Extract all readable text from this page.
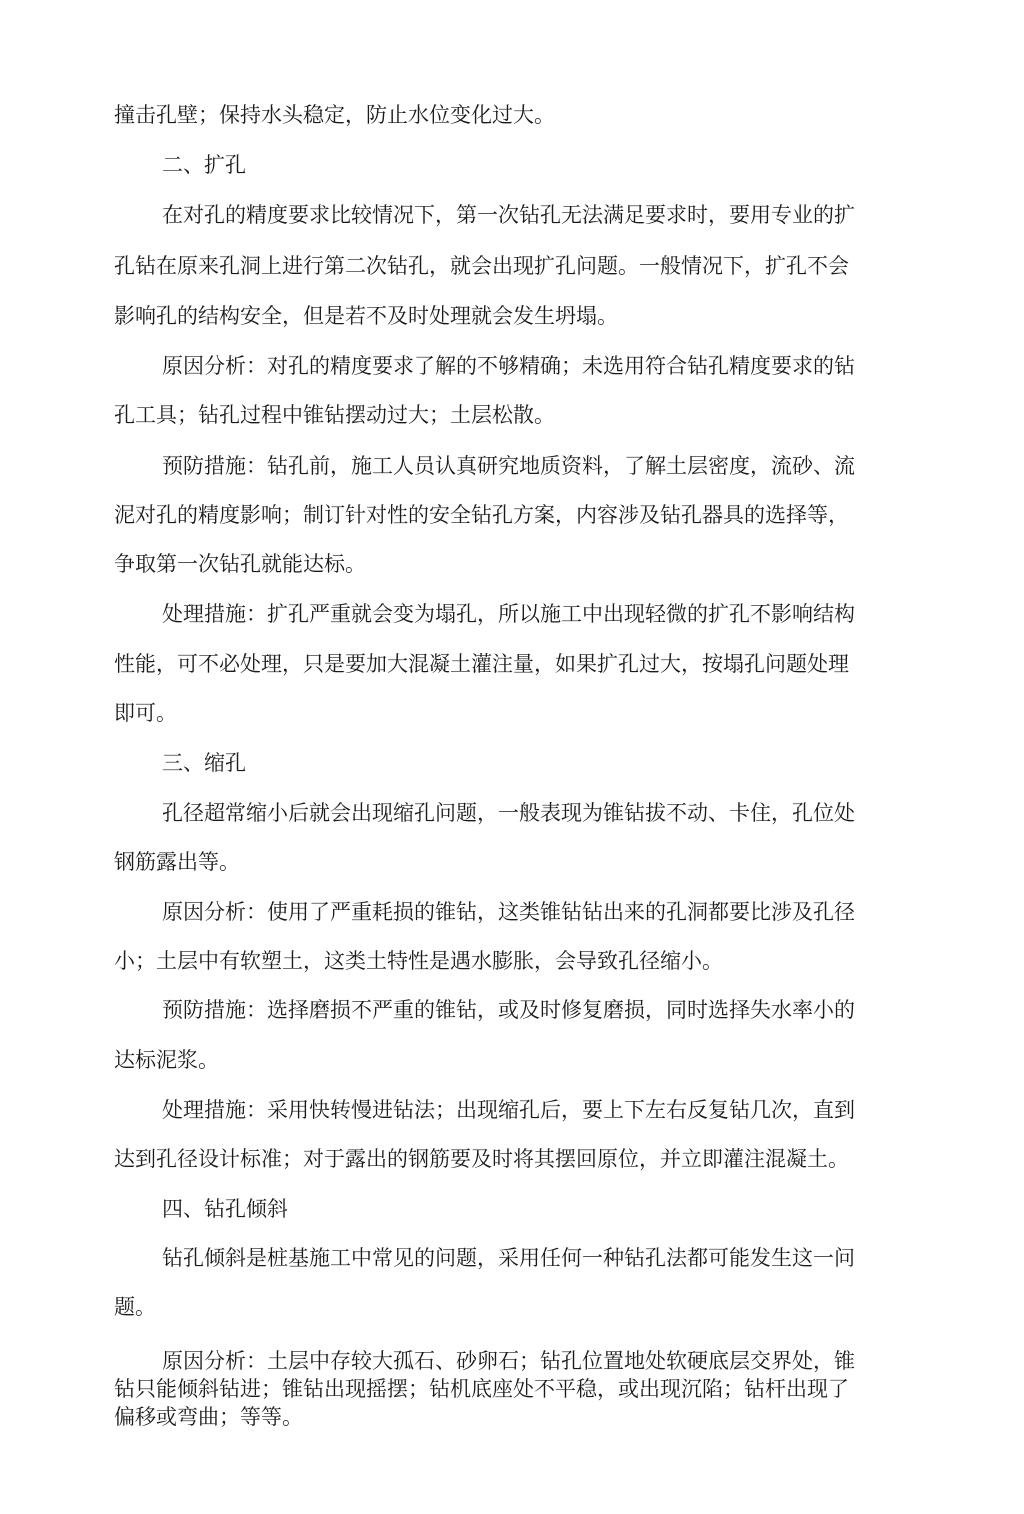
撞击孔壁；保持水头稳定，防止水位变化过大。
二、扩孔
在对孔的精度要求比较情况下，第一次钻孔无法满足要求时，要用专业的扩
孔钻在原来孔洞上进行第二次钻孔，就会出现扩孔问题。一般情况下，扩孔不会
影响孔的结构安全，但是若不及时处理就会发生坍塌。
原因分析：对孔的精度要求了解的不够精确；未选用符合钻孔精度要求的钻
孔工具；钻孔过程中锥钻摆动过大；土层松散。
预防措施：钻孔前，施工人员认真研究地质资料，了解土层密度，流砂、流
泥对孔的精度影响；制订针对性的安全钻孔方案，内容涉及钻孔器具的选择等，
争取第一次钻孔就能达标。
处理措施：扩孔严重就会变为塌孔，所以施工中出现轻微的扩孔不影响结构
性能，可不必处理，只是要加大混凝土灌注量，如果扩孔过大，按塌孔问题处理
即可。
三、缩孔
孔径超常缩小后就会出现缩孔问题，一般表现为锥钻拔不动、卡住，孔位处
钢筋露出等。
原因分析：使用了严重耗损的锥钻，这类锥钻钻出来的孔洞都要比涉及孔径
小；土层中有软塑土，这类土特性是遇水膨胀，会导致孔径缩小。
预防措施：选择磨损不严重的锥钻，或及时修复磨损，同时选择失水率小的
达标泥浆。
处理措施：采用快转慢进钻法；出现缩孔后，要上下左右反复钻几次，直到
达到孔径设计标准；对于露出的钢筋要及时将其摆回原位，并立即灌注混凝土。
四、钻孔倾斜
钻孔倾斜是桩基施工中常见的问题，采用任何一种钻孔法都可能发生这一问
题。
原因分析：土层中存较大孤石、砂卵石；钻孔位置地处软硬底层交界处，锥
钻只能倾斜钻进；锥钻出现摇摆；钻机底座处不平稳，或出现沉陷；钻杆出现了
偏移或弯曲；等等。
